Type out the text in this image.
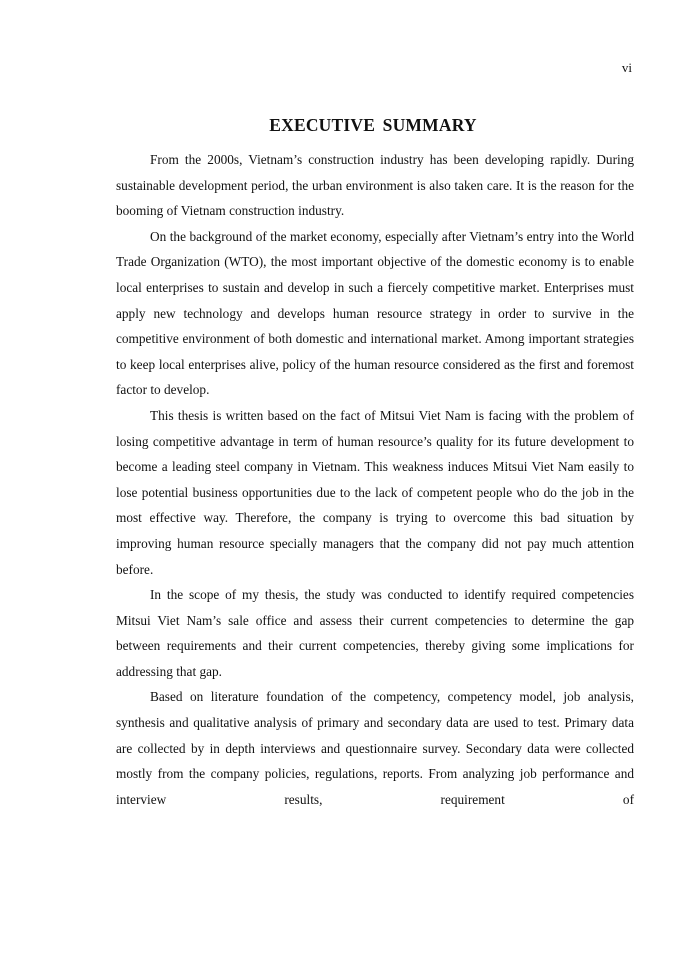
vi
EXECUTIVE SUMMARY

From the 2000s, Vietnam’s construction industry has been developing rapidly. During sustainable development period, the urban environment is also taken care. It is the reason for the booming of Vietnam construction industry.

On the background of the market economy, especially after Vietnam’s entry into the World Trade Organization (WTO), the most important objective of the domestic economy is to enable local enterprises to sustain and develop in such a fiercely competitive market. Enterprises must apply new technology and develops human resource strategy in order to survive in the competitive environment of both domestic and international market. Among important strategies to keep local enterprises alive, policy of the human resource considered as the first and foremost factor to develop.

This thesis is written based on the fact of Mitsui Viet Nam is facing with the problem of losing competitive advantage in term of human resource’s quality for its future development to become a leading steel company in Vietnam. This weakness induces Mitsui Viet Nam easily to lose potential business opportunities due to the lack of competent people who do the job in the most effective way. Therefore, the company is trying to overcome this bad situation by improving human resource specially managers that the company did not pay much attention before.

In the scope of my thesis, the study was conducted to identify required competencies Mitsui Viet Nam’s sale office and assess their current competencies to determine the gap between requirements and their current competencies, thereby giving some implications for addressing that gap.

Based on literature foundation of the competency, competency model, job analysis, synthesis and qualitative analysis of primary and secondary data are used to test. Primary data are collected by in depth interviews and questionnaire survey. Secondary data were collected mostly from the company policies, regulations, reports. From analyzing job performance and interview results, requirement of
